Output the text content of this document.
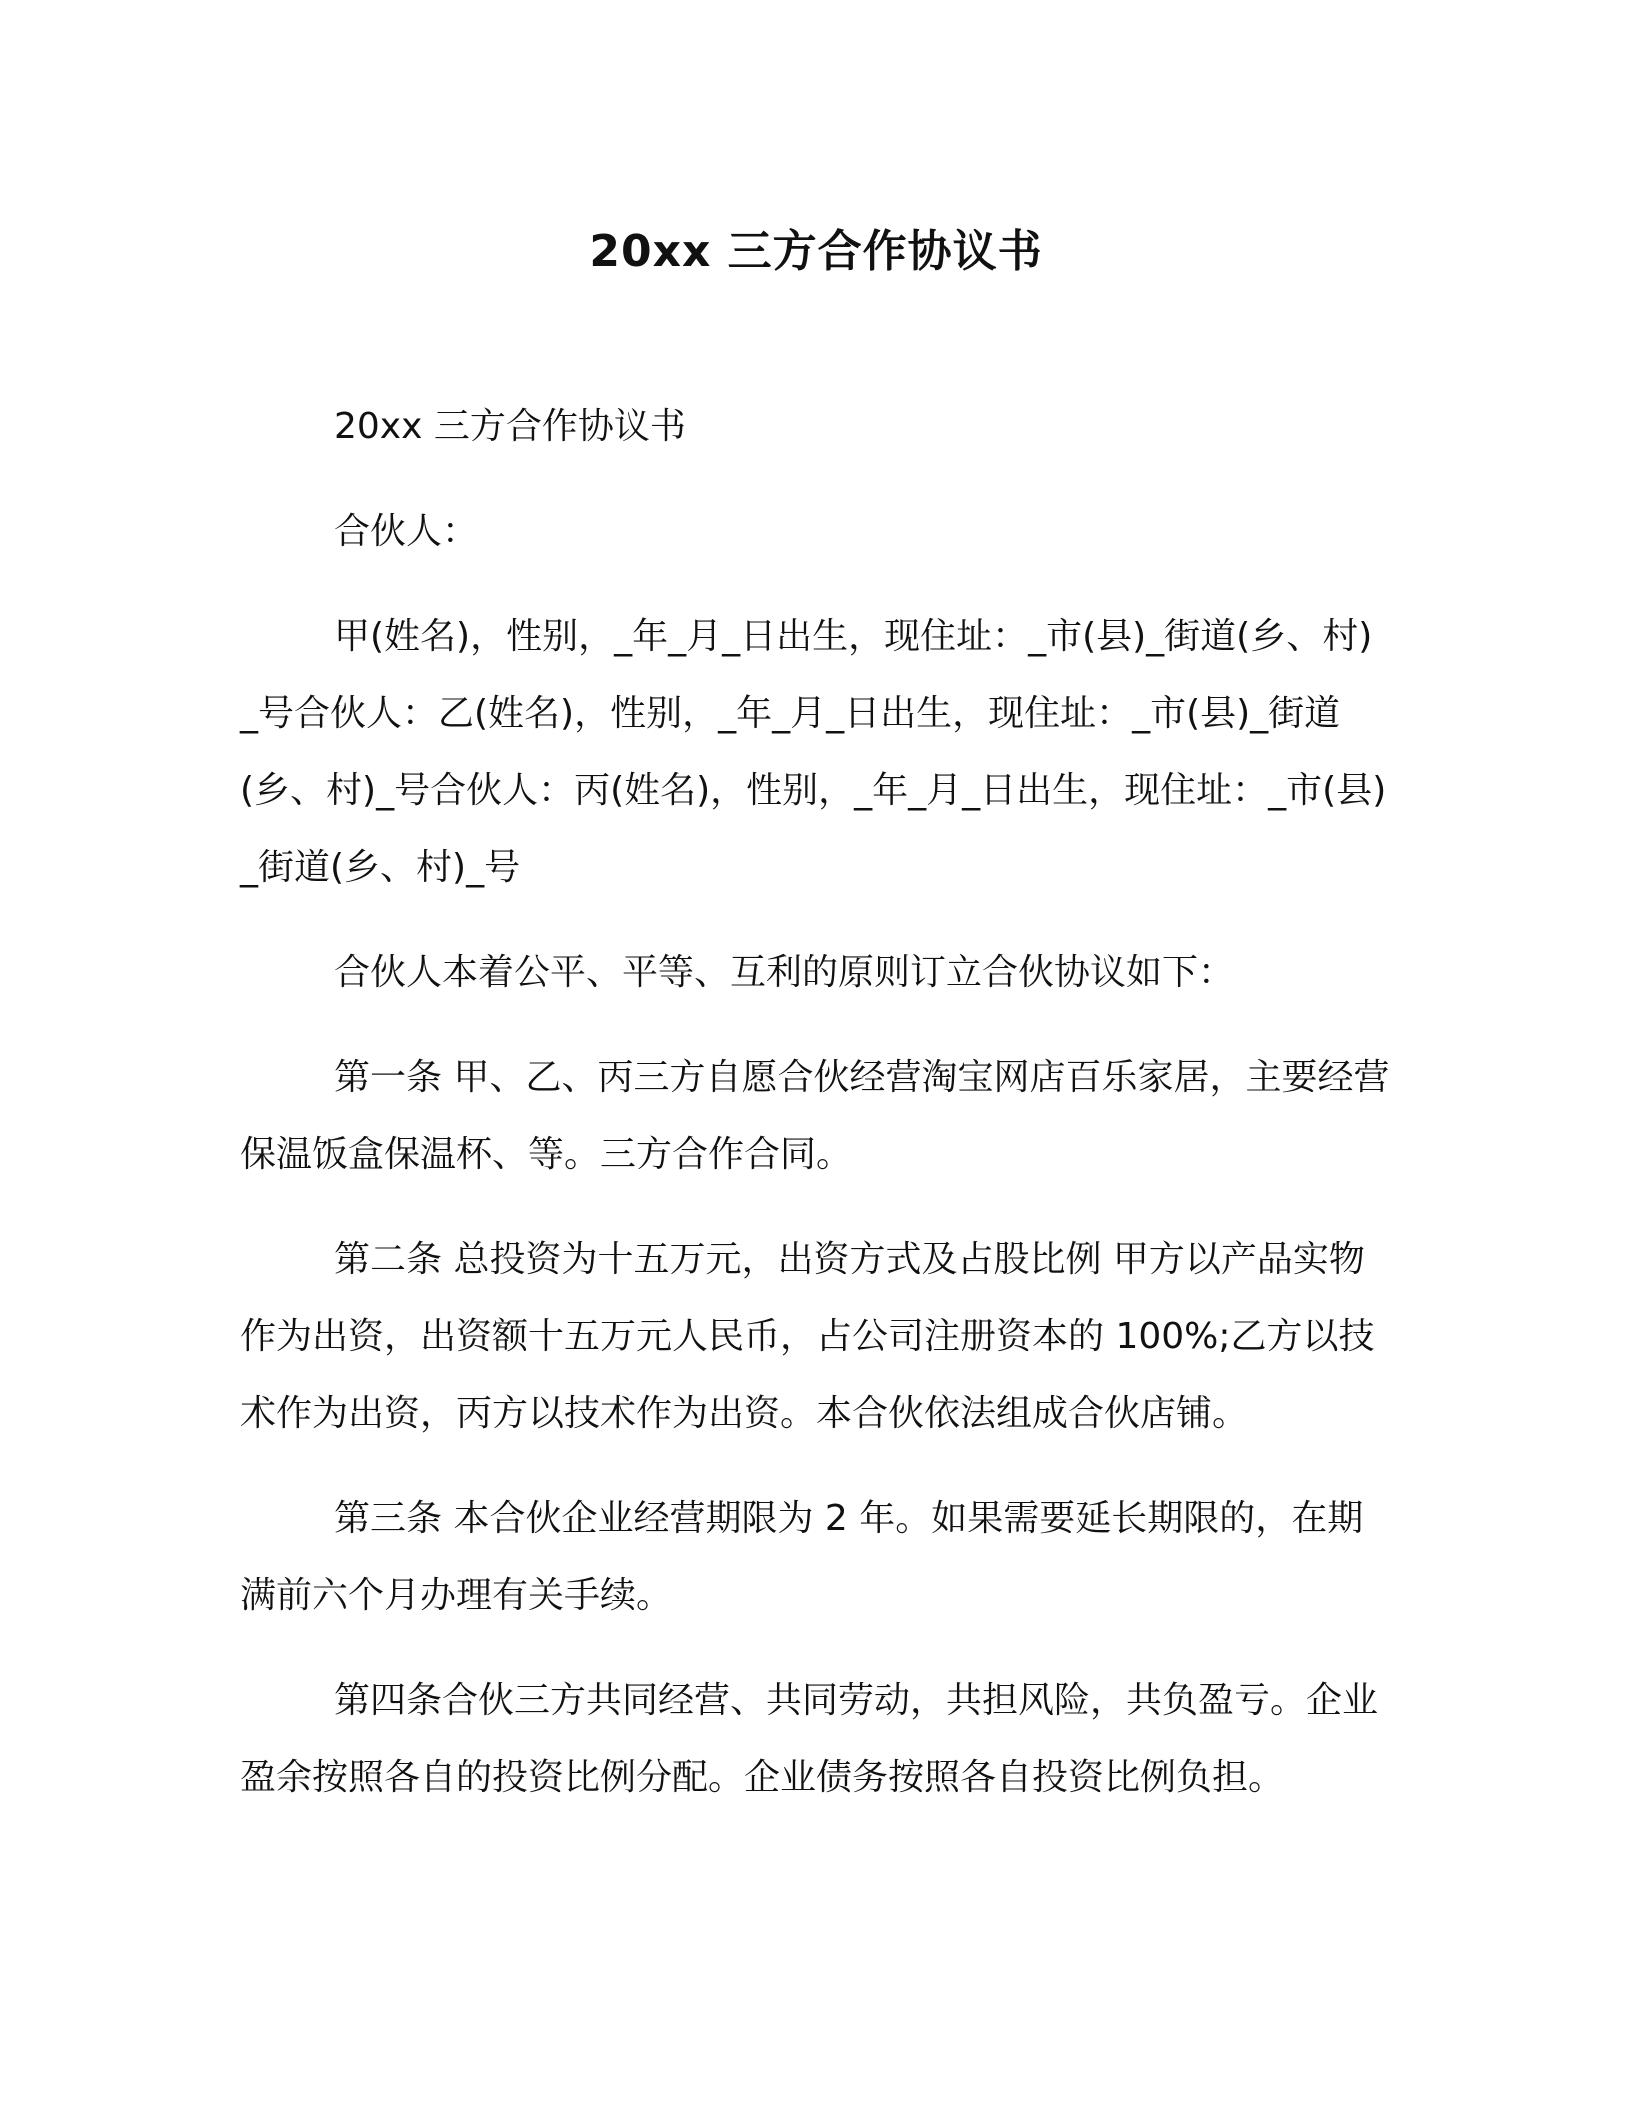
20xx 三方合作协议书

20xx 三方合作协议书

合伙人：

甲(姓名)，性别，_年_月_日出生，现住址：_市(县)_街道(乡、村)_号合伙人：乙(姓名)，性别，_年_月_日出生，现住址：_市(县)_街道(乡、村)_号合伙人：丙(姓名)，性别，_年_月_日出生，现住址：_市(县)_街道(乡、村)_号

合伙人本着公平、平等、互利的原则订立合伙协议如下：

第一条 甲、乙、丙三方自愿合伙经营淘宝网店百乐家居，主要经营保温饭盒保温杯、等。三方合作合同。

第二条 总投资为十五万元，出资方式及占股比例 甲方以产品实物作为出资，出资额十五万元人民币，占公司注册资本的 100%;乙方以技术作为出资，丙方以技术作为出资。本合伙依法组成合伙店铺。

第三条 本合伙企业经营期限为 2 年。如果需要延长期限的，在期满前六个月办理有关手续。

第四条合伙三方共同经营、共同劳动，共担风险，共负盈亏。企业盈余按照各自的投资比例分配。企业债务按照各自投资比例负担。
